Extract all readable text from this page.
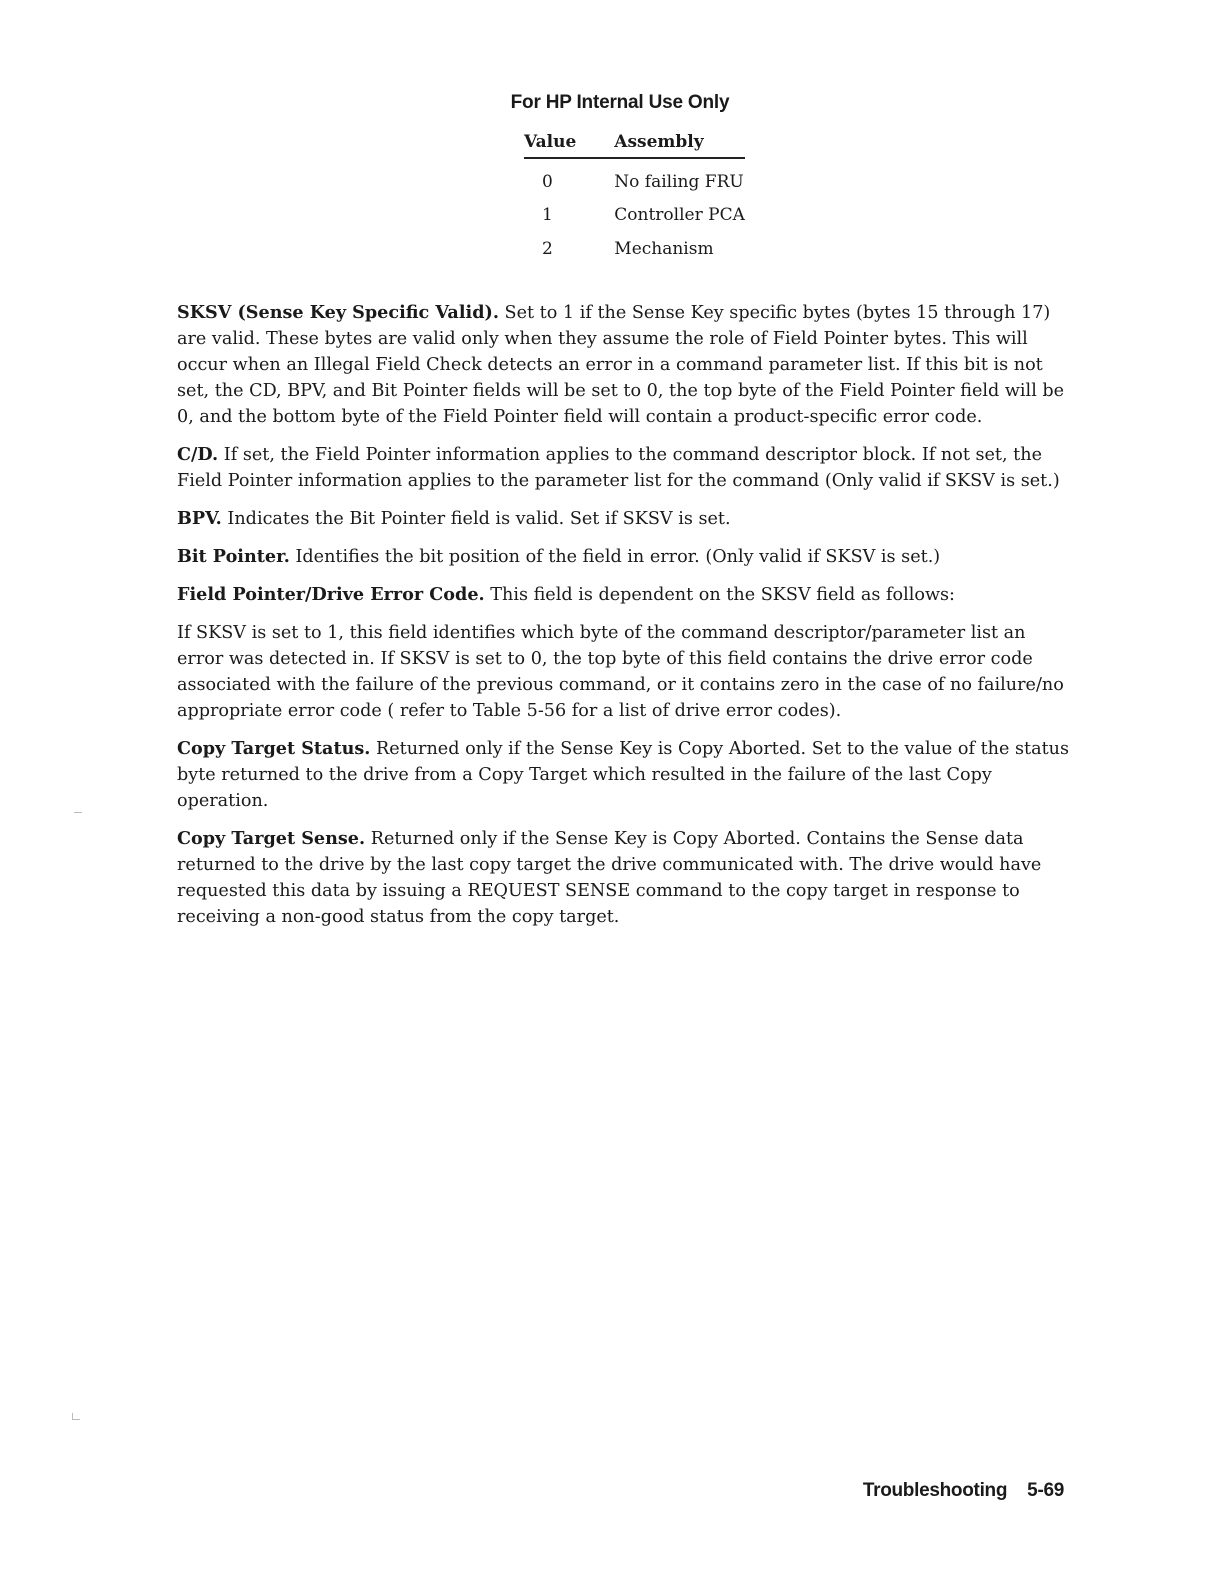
For HP Internal Use Only
Value	Assembly
0	No failing FRU
1	Controller PCA
2	Mechanism

SKSV (Sense Key Specific Valid). Set to 1 if the Sense Key specific bytes (bytes 15 through 17) are valid. These bytes are valid only when they assume the role of Field Pointer bytes. This will occur when an Illegal Field Check detects an error in a command parameter list. If this bit is not set, the CD, BPV, and Bit Pointer fields will be set to 0, the top byte of the Field Pointer field will be 0, and the bottom byte of the Field Pointer field will contain a product-specific error code.

C/D. If set, the Field Pointer information applies to the command descriptor block. If not set, the Field Pointer information applies to the parameter list for the command (Only valid if SKSV is set.)

BPV. Indicates the Bit Pointer field is valid. Set if SKSV is set.

Bit Pointer. Identifies the bit position of the field in error. (Only valid if SKSV is set.)

Field Pointer/Drive Error Code. This field is dependent on the SKSV field as follows:

If SKSV is set to 1, this field identifies which byte of the command descriptor/parameter list an error was detected in. If SKSV is set to 0, the top byte of this field contains the drive error code associated with the failure of the previous command, or it contains zero in the case of no failure/no appropriate error code ( refer to Table 5-56 for a list of drive error codes).

Copy Target Status. Returned only if the Sense Key is Copy Aborted. Set to the value of the status byte returned to the drive from a Copy Target which resulted in the failure of the last Copy operation.

Copy Target Sense. Returned only if the Sense Key is Copy Aborted. Contains the Sense data returned to the drive by the last copy target the drive communicated with. The drive would have requested this data by issuing a REQUEST SENSE command to the copy target in response to receiving a non-good status from the copy target.

Troubleshooting 5-69
